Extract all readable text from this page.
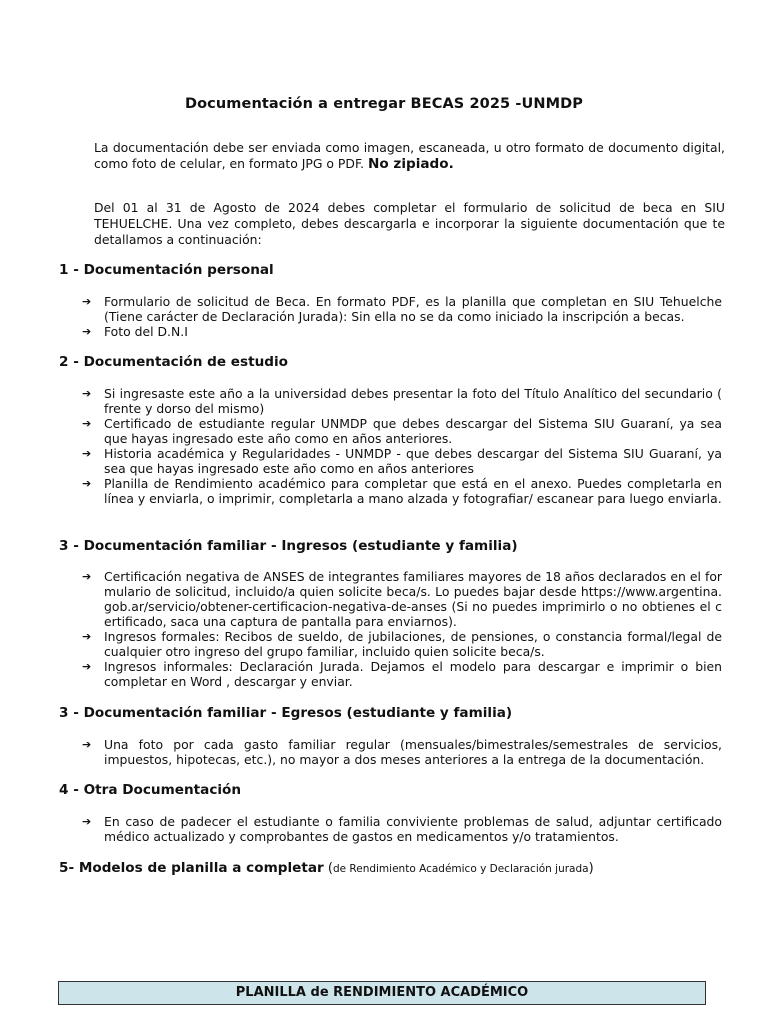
Documentación a entregar BECAS 2025 -UNMDP
La documentación debe ser enviada como imagen, escaneada, u otro formato de documento digital, como foto de celular, en formato JPG o PDF. No zipiado.
Del 01 al 31 de Agosto de 2024 debes completar el formulario de solicitud de beca en SIU TEHUELCHE. Una vez completo, debes descargarla e incorporar la siguiente documentación que te detallamos a continuación:
1 - Documentación personal
➔ Formulario de solicitud de Beca. En formato PDF, es la planilla que completan en SIU Tehuelche (Tiene carácter de Declaración Jurada): Sin ella no se da como iniciado la inscripción a becas.
➔ Foto del D.N.I
2 - Documentación de estudio
➔ Si ingresaste este año a la universidad debes presentar la foto del Título Analítico del secundario ( frente y dorso del mismo)
➔ Certificado de estudiante regular UNMDP que debes descargar del Sistema SIU Guaraní, ya sea que hayas ingresado este año como en años anteriores.
➔ Historia académica y Regularidades - UNMDP - que debes descargar del Sistema SIU Guaraní, ya sea que hayas ingresado este año como en años anteriores
➔ Planilla de Rendimiento académico para completar que está en el anexo. Puedes completarla en línea y enviarla, o imprimir, completarla a mano alzada y fotografiar/ escanear para luego enviarla.
3 - Documentación familiar - Ingresos (estudiante y familia)
➔ Certificación negativa de ANSES de integrantes familiares mayores de 18 años declarados en el formulario de solicitud, incluido/a quien solicite beca/s. Lo puedes bajar desde https://www.argentina.gob.ar/servicio/obtener-certificacion-negativa-de-anses (Si no puedes imprimirlo o no obtienes el certificado, saca una captura de pantalla para enviarnos).
➔ Ingresos formales: Recibos de sueldo, de jubilaciones, de pensiones, o constancia formal/legal de cualquier otro ingreso del grupo familiar, incluido quien solicite beca/s.
➔ Ingresos informales: Declaración Jurada. Dejamos el modelo para descargar e imprimir o bien completar en Word , descargar y enviar.
3 - Documentación familiar - Egresos (estudiante y familia)
➔ Una foto por cada gasto familiar regular (mensuales/bimestrales/semestrales de servicios, impuestos, hipotecas, etc.), no mayor a dos meses anteriores a la entrega de la documentación.
4 - Otra Documentación
➔ En caso de padecer el estudiante o familia conviviente problemas de salud, adjuntar certificado médico actualizado y comprobantes de gastos en medicamentos y/o tratamientos.
5- Modelos de planilla a completar (de Rendimiento Académico y Declaración jurada)
PLANILLA de RENDIMIENTO ACADÉMICO
